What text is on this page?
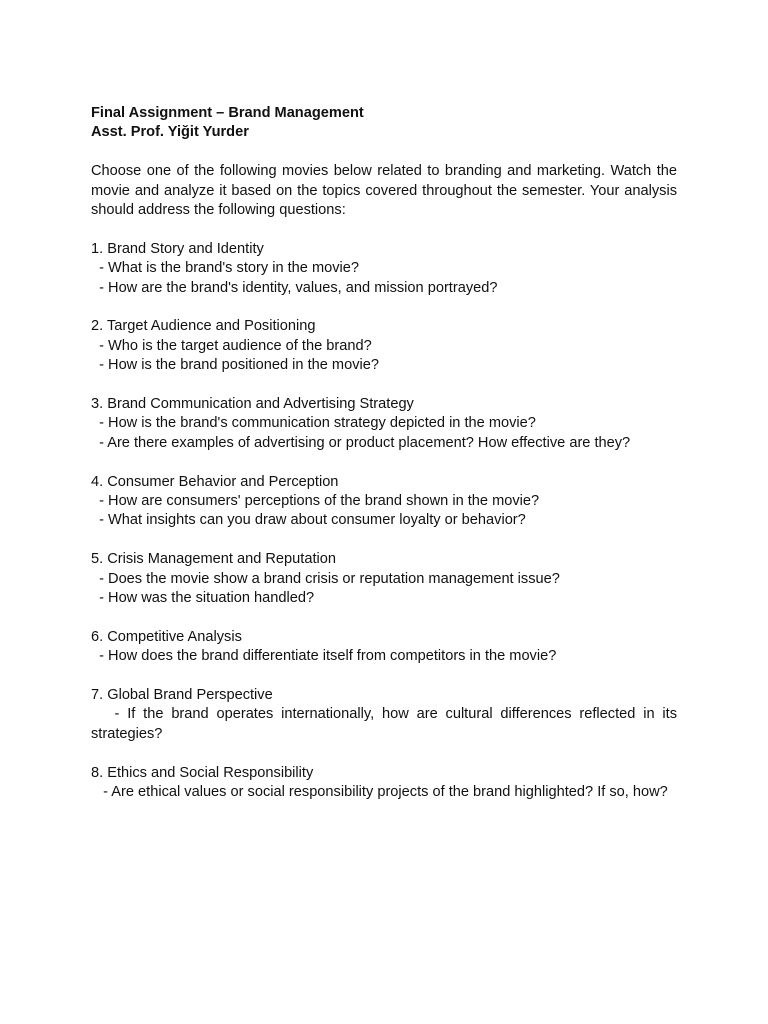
Final Assignment – Brand Management
Asst. Prof. Yiğit Yurder
Choose one of the following movies below related to branding and marketing. Watch the movie and analyze it based on the topics covered throughout the semester. Your analysis should address the following questions:
1. Brand Story and Identity
- What is the brand's story in the movie?
- How are the brand's identity, values, and mission portrayed?
2. Target Audience and Positioning
- Who is the target audience of the brand?
- How is the brand positioned in the movie?
3. Brand Communication and Advertising Strategy
- How is the brand's communication strategy depicted in the movie?
- Are there examples of advertising or product placement? How effective are they?
4. Consumer Behavior and Perception
- How are consumers' perceptions of the brand shown in the movie?
- What insights can you draw about consumer loyalty or behavior?
5. Crisis Management and Reputation
- Does the movie show a brand crisis or reputation management issue?
- How was the situation handled?
6. Competitive Analysis
- How does the brand differentiate itself from competitors in the movie?
7. Global Brand Perspective
- If the brand operates internationally, how are cultural differences reflected in its strategies?
8. Ethics and Social Responsibility
- Are ethical values or social responsibility projects of the brand highlighted? If so, how?
